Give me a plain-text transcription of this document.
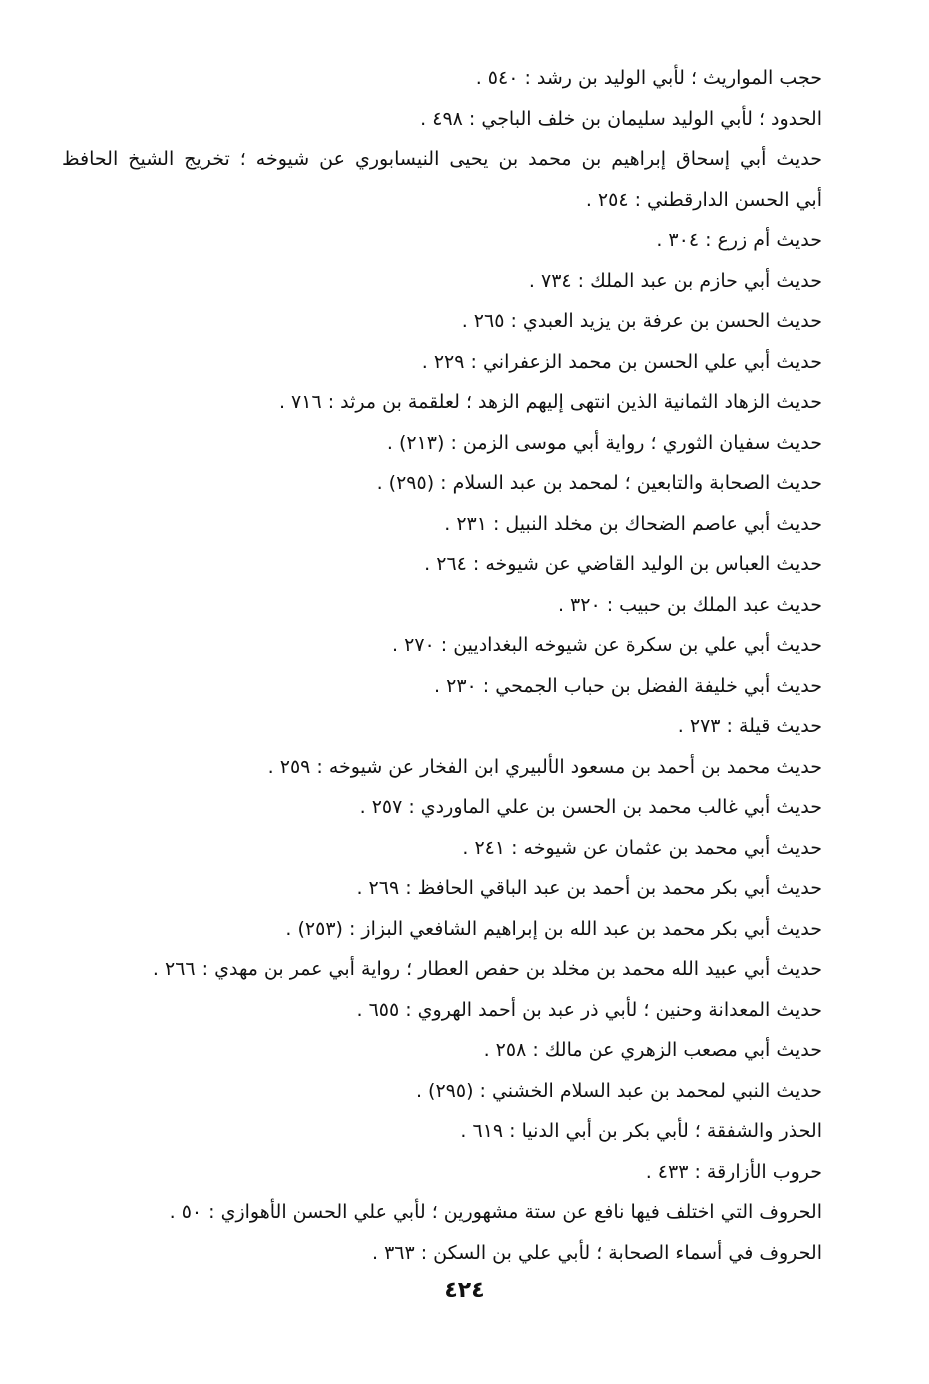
حجب المواريث ؛ لأبي الوليد بن رشد : ٥٤٠ .
الحدود ؛ لأبي الوليد سليمان بن خلف الباجي : ٤٩٨ .
حديث أبي إسحاق إبراهيم بن محمد بن يحيى النيسابوري عن شيوخه ؛ تخريج الشيخ الحافظ
أبي الحسن الدارقطني : ٢٥٤ .
حديث أم زرع : ٣٠٤ .
حديث أبي حازم بن عبد الملك : ٧٣٤ .
حديث الحسن بن عرفة بن يزيد العبدي : ٢٦٥ .
حديث أبي علي الحسن بن محمد الزعفراني : ٢٢٩ .
حديث الزهاد الثمانية الذين انتهى إليهم الزهد ؛ لعلقمة بن مرثد : ٧١٦ .
حديث سفيان الثوري ؛ رواية أبي موسى الزمن : (٢١٣) .
حديث الصحابة والتابعين ؛ لمحمد بن عبد السلام : (٢٩٥) .
حديث أبي عاصم الضحاك بن مخلد النبيل : ٢٣١ .
حديث العباس بن الوليد القاضي عن شيوخه : ٢٦٤ .
حديث عبد الملك بن حبيب : ٣٢٠ .
حديث أبي علي بن سكرة عن شيوخه البغداديين : ٢٧٠ .
حديث أبي خليفة الفضل بن حباب الجمحي : ٢٣٠ .
حديث قيلة : ٢٧٣ .
حديث محمد بن أحمد بن مسعود الألبيري ابن الفخار عن شيوخه : ٢٥٩ .
حديث أبي غالب محمد بن الحسن بن علي الماوردي : ٢٥٧ .
حديث أبي محمد بن عثمان عن شيوخه : ٢٤١ .
حديث أبي بكر محمد بن أحمد بن عبد الباقي الحافظ : ٢٦٩ .
حديث أبي بكر محمد بن عبد الله بن إبراهيم الشافعي البزاز : (٢٥٣) .
حديث أبي عبيد الله محمد بن مخلد بن حفص العطار ؛ رواية أبي عمر بن مهدي : ٢٦٦ .
حديث المعدانة وحنين ؛ لأبي ذر عبد بن أحمد الهروي : ٦٥٥ .
حديث أبي مصعب الزهري عن مالك : ٢٥٨ .
حديث النبي لمحمد بن عبد السلام الخشني : (٢٩٥) .
الحذر والشفقة ؛ لأبي بكر بن أبي الدنيا : ٦١٩ .
حروب الأزارقة : ٤٣٣ .
الحروف التي اختلف فيها نافع عن ستة مشهورين ؛ لأبي علي الحسن الأهوازي : ٥٠ .
الحروف في أسماء الصحابة ؛ لأبي علي بن السكن : ٣٦٣ .
٤٢٤
